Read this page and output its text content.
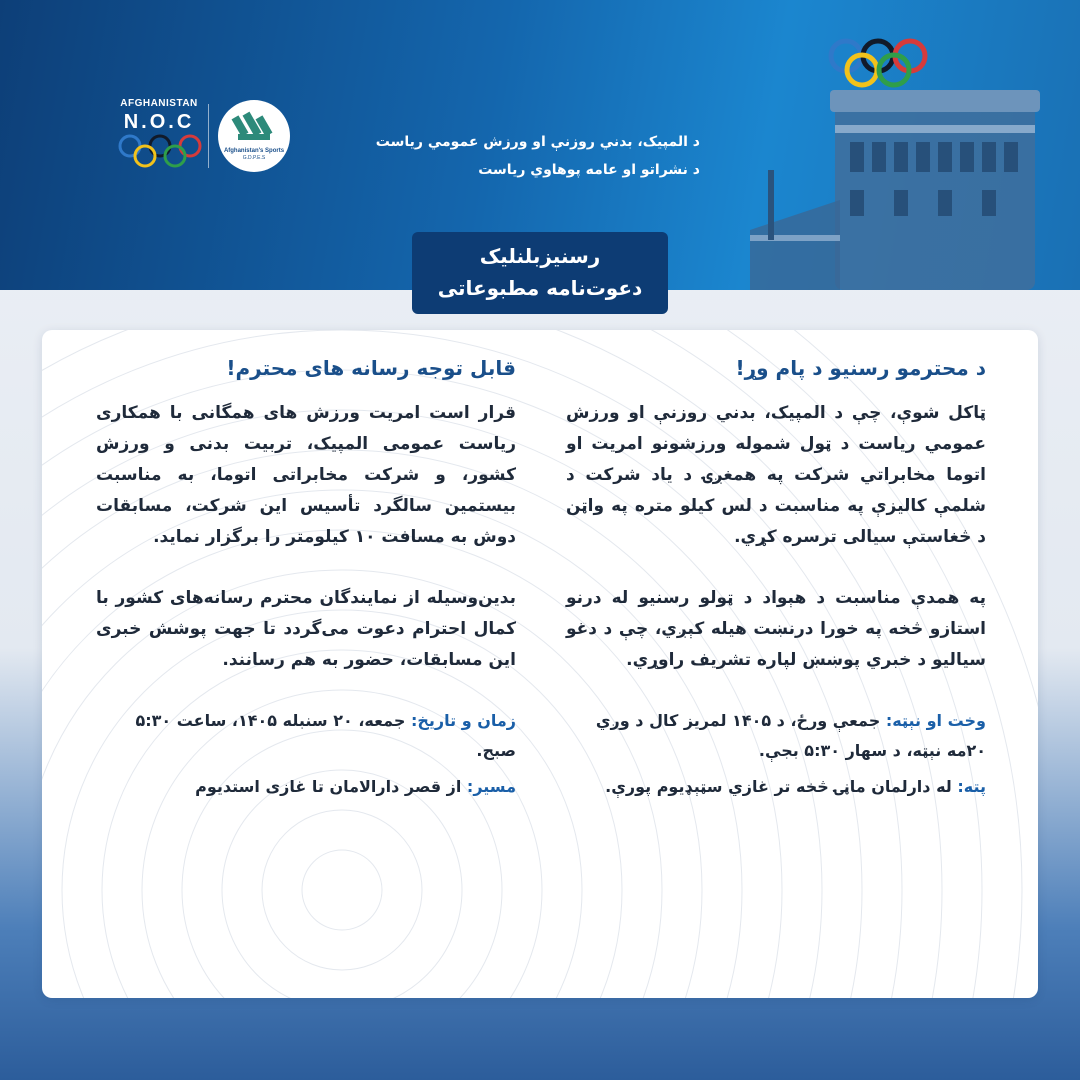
AFGHANISTAN
N.O.C
Afghanistan's Sports
G.D.P.E.S
د المپیک، بدني روزنې او ورزش عمومي رياست
د نشراتو او عامه پوهاوي رياست
رسنيزبلنليک
دعوت‌نامه مطبوعاتی
د محترمو رسنيو د پام وړ!
ټاکل شوې، چې د المپيک، بدني روزنې او ورزش عمومي رياست د ټول شموله ورزشونو امريت او اتوما مخابراتي شرکت په همغږۍ د ياد شرکت د شلمې کاليزې په مناسبت د لس کيلو متره په واټن د څغاستې سيالی ترسره کړي.
په همدې مناسبت د هېواد د ټولو رسنيو له درنو استازو څخه په خورا درنښت هيله کېږي، چې د دغو سياليو د خبري پوښښ لپاره تشريف راوړي.
وخت او نېټه: جمعې ورځ، د ۱۴۰۵ لمريز کال د وږي ۲۰مه نېټه، د سهار ۵:۳۰ بجې.
پته: له دارلمان ماڼۍ څخه تر غازي سټېډيوم پورې.
قابل توجه رسانه های محترم!
قرار است امریت ورزش های همگانی با همکاری ریاست عمومی المپیک، تربیت بدنی و ورزش کشور، و شرکت مخابراتی اتوما، به مناسبت بیستمین سالگرد تأسیس این شرکت، مسابقات دوش به مسافت ۱۰ کیلومتر را برگزار نماید.
بدین‌وسیله از نمایندگان محترم رسانه‌های کشور با کمال احترام دعوت می‌گردد تا جهت پوشش خبری این مسابقات، حضور به هم رسانند.
زمان و تاریخ: جمعه، ۲۰ سنبله ۱۴۰۵، ساعت ۵:۳۰ صبح.
مسیر: از قصر دارالامان تا غازی استدیوم
